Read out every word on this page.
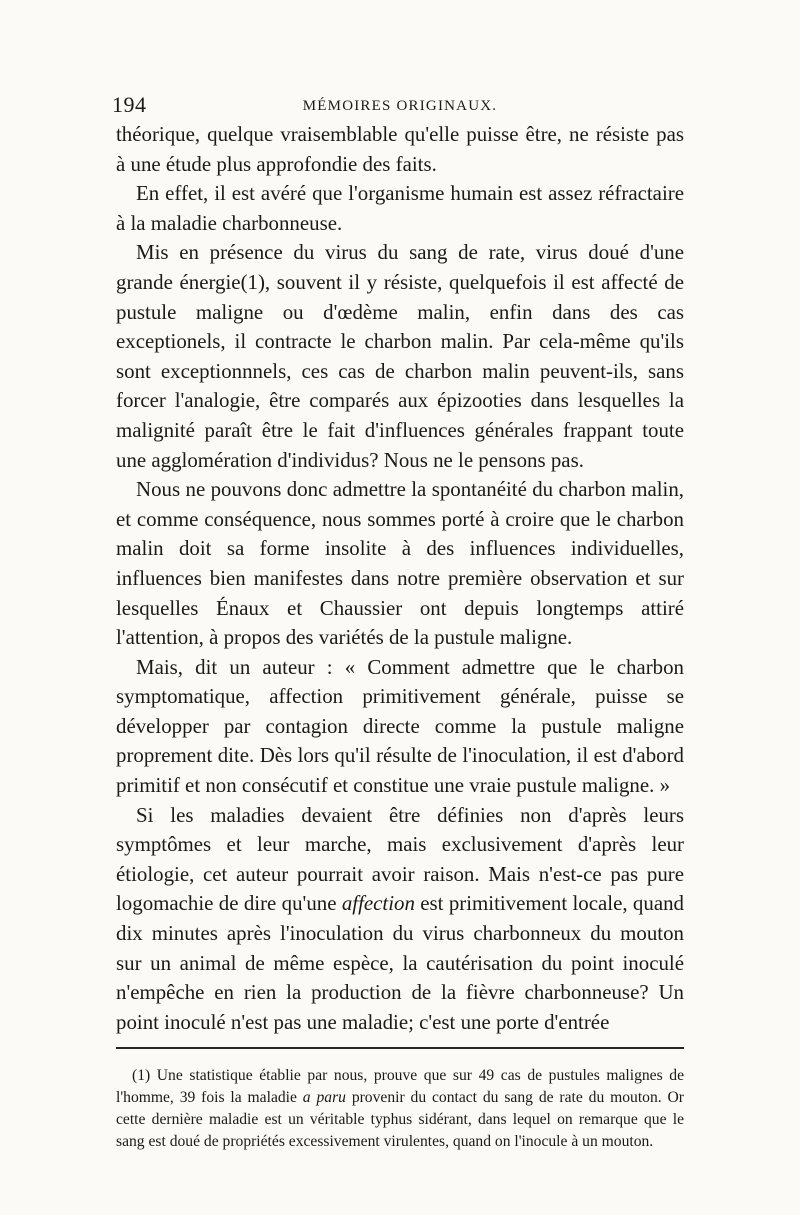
194	MÉMOIRES ORIGINAUX.

théorique, quelque vraisemblable qu'elle puisse être, ne résiste pas à une étude plus approfondie des faits.

En effet, il est avéré que l'organisme humain est assez réfractaire à la maladie charbonneuse.

Mis en présence du virus du sang de rate, virus doué d'une grande énergie(1), souvent il y résiste, quelquefois il est affecté de pustule maligne ou d'œdème malin, enfin dans des cas exceptionels, il contracte le charbon malin. Par cela-même qu'ils sont exceptionnnels, ces cas de charbon malin peuvent-ils, sans forcer l'analogie, être comparés aux épizooties dans lesquelles la malignité paraît être le fait d'influences générales frappant toute une agglomération d'individus? Nous ne le pensons pas.

Nous ne pouvons donc admettre la spontanéité du charbon malin, et comme conséquence, nous sommes porté à croire que le charbon malin doit sa forme insolite à des influences individuelles, influences bien manifestes dans notre première observation et sur lesquelles Énaux et Chaussier ont depuis longtemps attiré l'attention, à propos des variétés de la pustule maligne.

Mais, dit un auteur : « Comment admettre que le charbon symptomatique, affection primitivement générale, puisse se développer par contagion directe comme la pustule maligne proprement dite. Dès lors qu'il résulte de l'inoculation, il est d'abord primitif et non consécutif et constitue une vraie pustule maligne. »

Si les maladies devaient être définies non d'après leurs symptômes et leur marche, mais exclusivement d'après leur étiologie, cet auteur pourrait avoir raison. Mais n'est-ce pas pure logomachie de dire qu'une affection est primitivement locale, quand dix minutes après l'inoculation du virus charbonneux du mouton sur un animal de même espèce, la cautérisation du point inoculé n'empêche en rien la production de la fièvre charbonneuse? Un point inoculé n'est pas une maladie; c'est une porte d'entrée

(1) Une statistique établie par nous, prouve que sur 49 cas de pustules malignes de l'homme, 39 fois la maladie a paru provenir du contact du sang de rate du mouton. Or cette dernière maladie est un véritable typhus sidérant, dans lequel on remarque que le sang est doué de propriétés excessivement virulentes, quand on l'inocule à un mouton.
